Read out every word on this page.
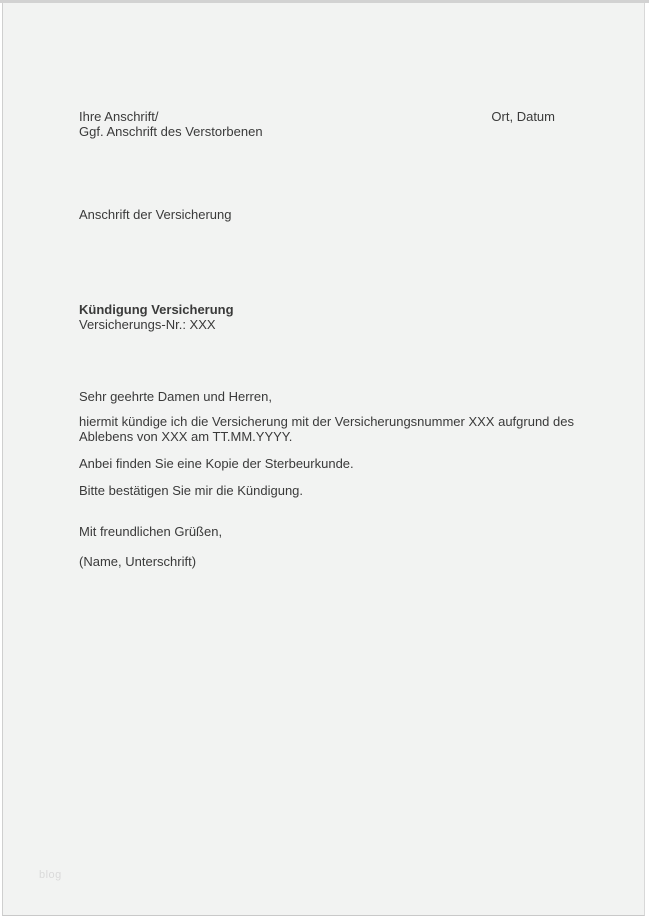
Ihre Anschrift/
Ggf. Anschrift des Verstorbenen
Ort, Datum
Anschrift der Versicherung
Kündigung Versicherung
Versicherungs-Nr.: XXX
Sehr geehrte Damen und Herren,
hiermit kündige ich die Versicherung mit der Versicherungsnummer XXX aufgrund des
Ablebens von XXX am TT.MM.YYYY.
Anbei finden Sie eine Kopie der Sterbeurkunde.
Bitte bestätigen Sie mir die Kündigung.
Mit freundlichen Grüßen,
(Name, Unterschrift)
blog
